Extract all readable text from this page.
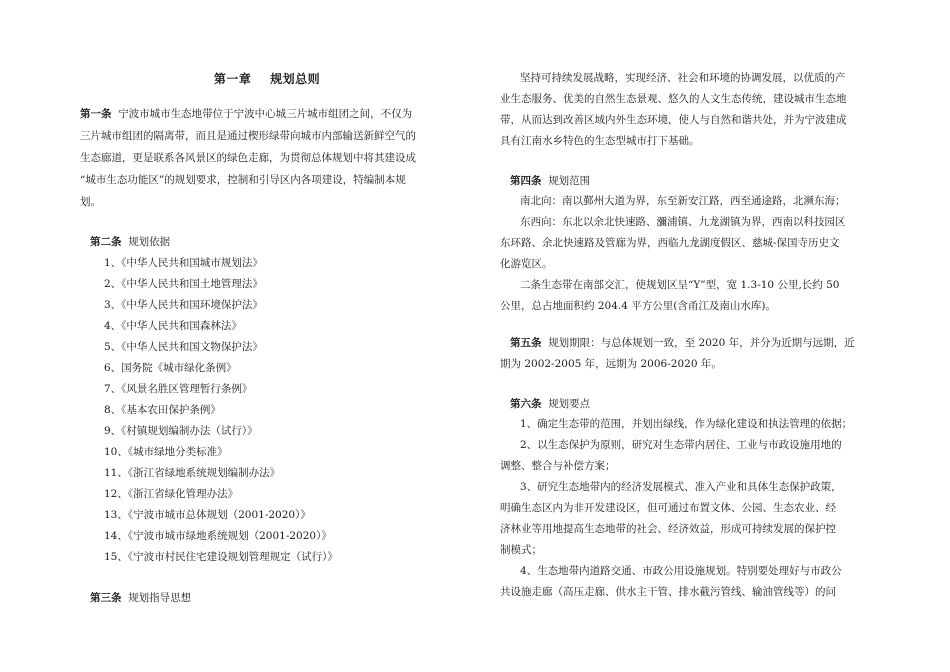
第一章    规划总则
第一条 宁波市城市生态地带位于宁波中心城三片城市组团之间，不仅为
三片城市组团的隔离带，而且是通过楔形绿带向城市内部输送新鲜空气的
生态廊道，更是联系各风景区的绿色走廊，为贯彻总体规划中将其建设成
“城市生态功能区”的规划要求，控制和引导区内各项建设，特编制本规
划。
第二条 规划依据
1、《中华人民共和国城市规划法》
2、《中华人民共和国土地管理法》
3、《中华人民共和国环境保护法》
4、《中华人民共和国森林法》
5、《中华人民共和国文物保护法》
6、国务院《城市绿化条例》
7、《风景名胜区管理暂行条例》
8、《基本农田保护条例》
9、《村镇规划编制办法（试行）》
10、《城市绿地分类标准》
11、《浙江省绿地系统规划编制办法》
12、《浙江省绿化管理办法》
13、《宁波市城市总体规划（2001-2020）》
14、《宁波市城市绿地系统规划（2001-2020）》
15、《宁波市村民住宅建设规划管理规定（试行）》
第三条 规划指导思想
坚持可持续发展战略，实现经济、社会和环境的协调发展，以优质的产
业生态服务、优美的自然生态景观、悠久的人文生态传统，建设城市生态地
带，从而达到改善区域内外生态环境，使人与自然和谐共处，并为宁波建成
具有江南水乡特色的生态型城市打下基础。
第四条 规划范围
南北向：南以鄞州大道为界，东至新安江路，西至通途路，北濒东海；
东西向：东北以余北快速路、瀰浦镇、九龙湖镇为界，西南以科技园区
东环路、余北快速路及管廊为界，西临九龙湖度假区、慈城-保国寺历史文
化游览区。
二条生态带在南部交汇，使规划区呈“Y”型，宽 1.3-10 公里,长约 50
公里，总占地面积约 204.4 平方公里(含甬江及南山水库)。
第五条 规划期限：与总体规划一致，至 2020 年，并分为近期与远期，近
期为 2002-2005 年，远期为 2006-2020 年。
第六条 规划要点
1、确定生态带的范围，并划出绿线，作为绿化建设和执法管理的依据；
2、以生态保护为原则，研究对生态带内居住、工业与市政设施用地的
调整、整合与补偿方案；
3、研究生态地带内的经济发展模式、准入产业和具体生态保护政策，
明确生态区内为非开发建设区，但可通过布置文体、公园、生态农业、经
济林业等用地提高生态地带的社会、经济效益，形成可持续发展的保护控
制模式；
4、生态地带内道路交通、市政公用设施规划。特别要处理好与市政公
共设施走廊（高压走廊、供水主干管、排水截污管线、输油管线等）的问
